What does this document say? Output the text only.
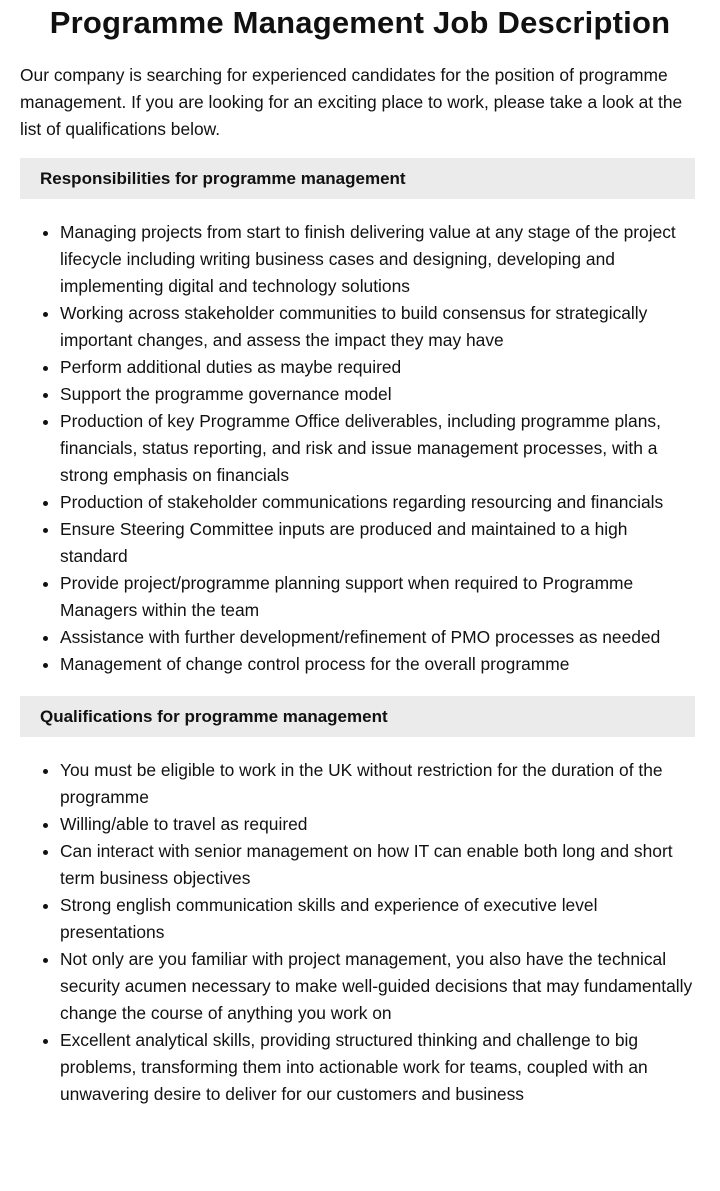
Programme Management Job Description

Our company is searching for experienced candidates for the position of programme management. If you are looking for an exciting place to work, please take a look at the list of qualifications below.

Responsibilities for programme management
• Managing projects from start to finish delivering value at any stage of the project lifecycle including writing business cases and designing, developing and implementing digital and technology solutions
• Working across stakeholder communities to build consensus for strategically important changes, and assess the impact they may have
• Perform additional duties as maybe required
• Support the programme governance model
• Production of key Programme Office deliverables, including programme plans, financials, status reporting, and risk and issue management processes, with a strong emphasis on financials
• Production of stakeholder communications regarding resourcing and financials
• Ensure Steering Committee inputs are produced and maintained to a high standard
• Provide project/programme planning support when required to Programme Managers within the team
• Assistance with further development/refinement of PMO processes as needed
• Management of change control process for the overall programme
Qualifications for programme management
• You must be eligible to work in the UK without restriction for the duration of the programme
• Willing/able to travel as required
• Can interact with senior management on how IT can enable both long and short term business objectives
• Strong english communication skills and experience of executive level presentations
• Not only are you familiar with project management, you also have the technical security acumen necessary to make well-guided decisions that may fundamentally change the course of anything you work on
• Excellent analytical skills, providing structured thinking and challenge to big problems, transforming them into actionable work for teams, coupled with an unwavering desire to deliver for our customers and business
